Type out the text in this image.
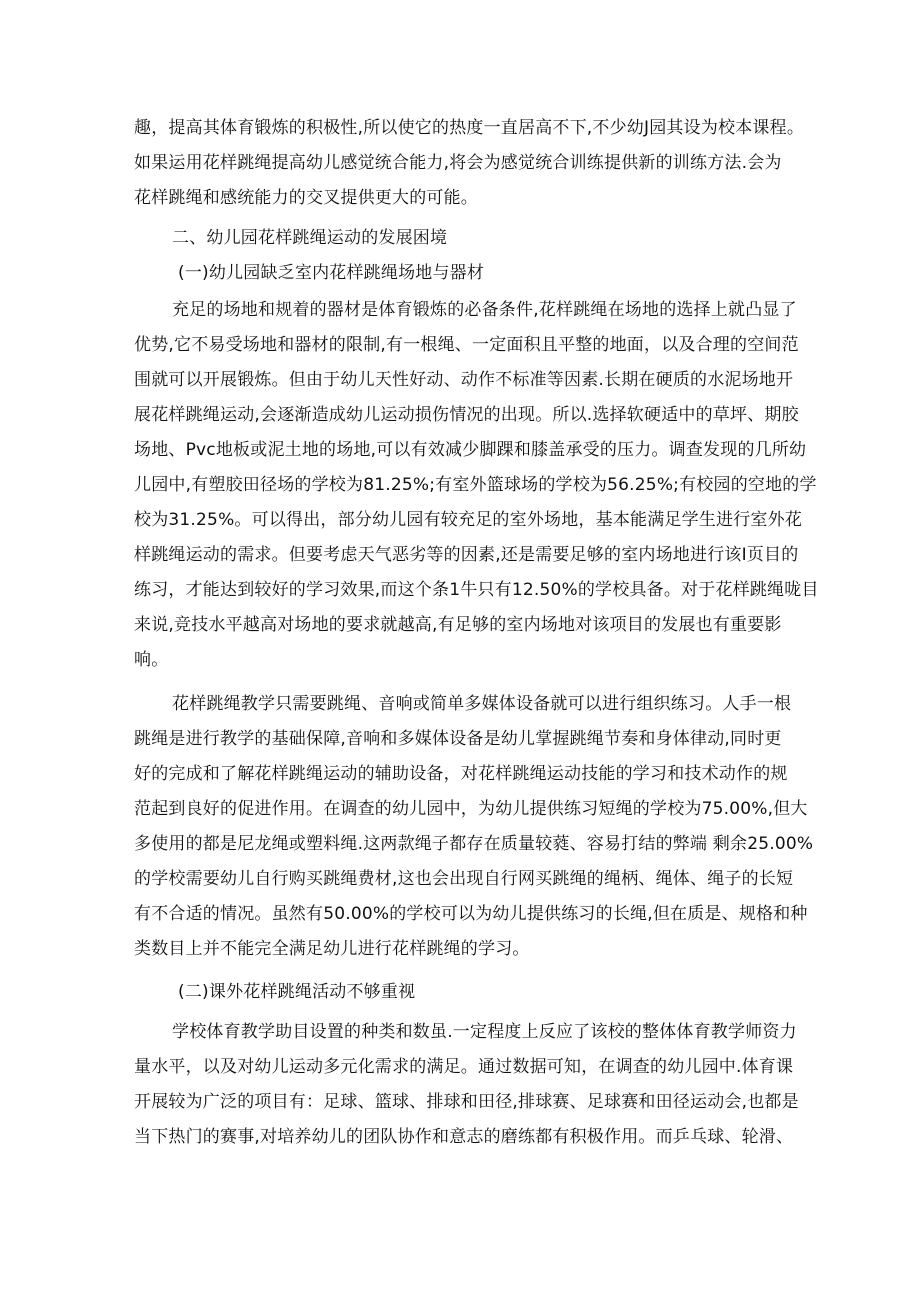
趣，提高其体育锻炼的积极性,所以使它的热度一直居高不下,不少幼J园其设为校本课程。
如果运用花样跳绳提高幼儿感觉统合能力,将会为感觉统合训练提供新的训练方法.会为
花样跳绳和感统能力的交叉提供更大的可能。
二、幼儿园花样跳绳运动的发展困境
(一)幼儿园缺乏室内花样跳绳场地与器材
充足的场地和规着的器材是体育锻炼的必备条件,花样跳绳在场地的选择上就凸显了
优势,它不易受场地和器材的限制,有一根绳、一定面积且平整的地面，以及合理的空间范
围就可以开展锻炼。但由于幼儿天性好动、动作不标准等因素.长期在硬质的水泥场地开
展花样跳绳运动,会逐渐造成幼儿运动损伤情况的出现。所以.选择软硬适中的草坪、期胶
场地、Pvc地板或泥土地的场地,可以有效减少脚踝和膝盖承受的压力。调查发现的几所幼
儿园中,有塑胶田径场的学校为81.25%;有室外篮球场的学校为56.25%;有校园的空地的学
校为31.25%。可以得出，部分幼儿园有较充足的室外场地，基本能满足学生进行室外花
样跳绳运动的需求。但要考虑天气恶劣等的因素,还是需要足够的室内场地进行该I页目的
练习，才能达到较好的学习效果,而这个条1牛只有12.50%的学校具备。对于花样跳绳咙目
来说,竞技水平越高对场地的要求就越高,有足够的室内场地对该项目的发展也有重要影
响。
花样跳绳教学只需要跳绳、音响或简单多媒体设备就可以进行组织练习。人手一根
跳绳是进行教学的基础保障,音响和多媒体设备是幼儿掌握跳绳节奏和身体律动,同时更
好的完成和了解花样跳绳运动的辅助设备，对花样跳绳运动技能的学习和技术动作的规
范起到良好的促进作用。在调查的幼儿园中，为幼儿提供练习短绳的学校为75.00%,但大
多使用的都是尼龙绳或塑料绳.这两款绳子都存在质量较蕤、容易打结的弊端 剩余25.00%
的学校需要幼儿自行购买跳绳费材,这也会出现自行网买跳绳的绳柄、绳体、绳子的长短
有不合适的情况。虽然有50.00%的学校可以为幼儿提供练习的长绳,但在质是、规格和种
类数目上并不能完全满足幼儿进行花样跳绳的学习。
(二)课外花样跳绳活动不够重视
学校体育教学助目设置的种类和数虽.一定程度上反应了该校的整体体育教学师资力
量水平，以及对幼儿运动多元化需求的满足。通过数据可知，在调查的幼儿园中.体育课
开展较为广泛的项目有：足球、篮球、排球和田径,排球赛、足球赛和田径运动会,也都是
当下热门的赛事,对培养幼儿的团队协作和意志的磨练都有积极作用。而乒乓球、轮滑、
